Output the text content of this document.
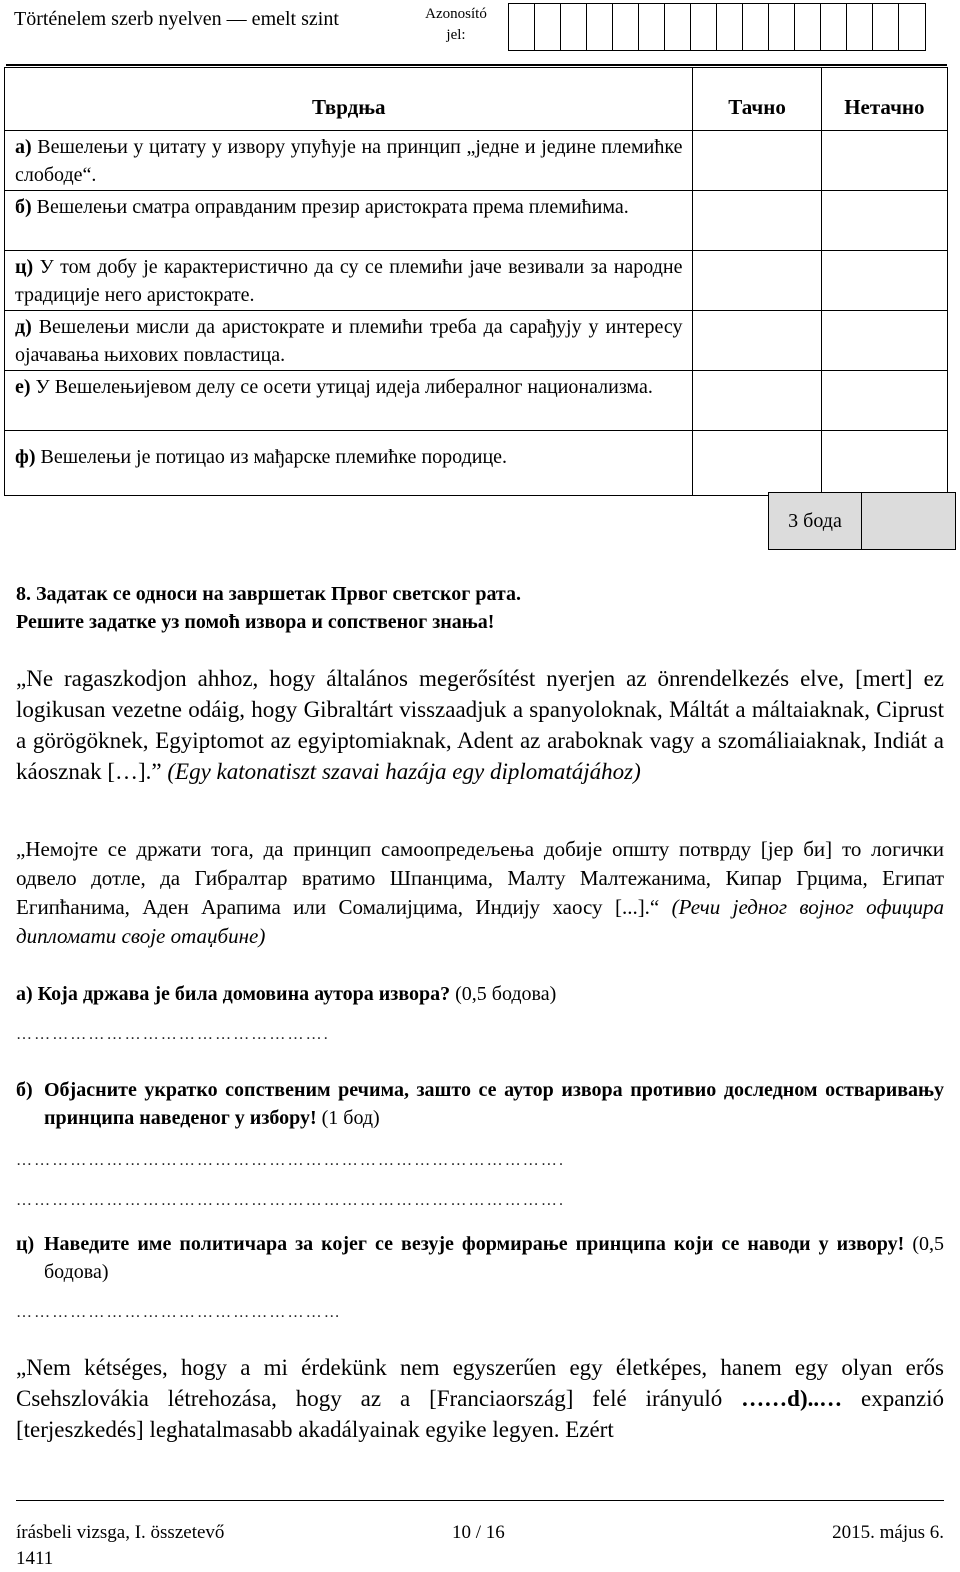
Történelem szerb nyelven — emelt szint	Azonosító
jel:
Тврдња	Тачно	Нетачно
а) Вешелењи у цитату у извору упућује на принцип „једне и једине племићке слободе“.		
б) Вешелењи сматра оправданим презир аристократа према племићима.		
ц) У том добу је карактеристично да су се племићи јаче везивали за народне традиције него аристократе.		
д) Вешелењи мисли да аристократе и племићи треба да сарађују у интересу ојачавања њихових повластица.		
е) У Вешелењијевом делу се осети утицај идеја либералног национализма.		
ф) Вешелењи је потицао из мађарске племићке породице.		
3 бода
8. Задатак се односи на завршетак Првог светског рата.
Решите задатке уз помоћ извора и сопственог знања!
„Ne ragaszkodjon ahhoz, hogy általános megerősítést nyerjen az önrendelkezés elve, [mert] ez logikusan vezetne odáig, hogy Gibraltárt visszaadjuk a spanyoloknak, Máltát a máltaiaknak, Ciprust a görögöknek, Egyiptomot az egyiptomiaknak, Adent az araboknak vagy a szomáliaiaknak, Indiát a káosznak […].” (Egy katonatiszt szavai hazája egy diplomatájához)
„Немојте се држати тога, да принцип самоопредељења добије општу потврду [јер би] то логички одвело дотле, да Гибралтар вратимо Шпанцима, Малту Малтежанима, Кипар Грцима, Египат Египћанима, Аден Арапима или Сомалијцима, Индију хаосу [...].“ (Речи једног војног официра дипломати своје отаџбине)
а) Која држава је била домовина аутора извора? (0,5 бодова)
…………………………………………….
б) Објасните укратко сопственим речима, зашто се аутор извора противио доследном остваривању принципа наведеног у избору! (1 бод)
……………………………………………………………………………….
……………………………………………………………………………….
ц) Наведите име политичара за којег се везује формирање принципа који се наводи у извору! (0,5 бодова)
………………………………………………
„Nem kétséges, hogy a mi érdekünk nem egyszerűen egy életképes, hanem egy olyan erős Csehszlovákia létrehozása, hogy az a [Franciaország] felé irányuló ……d)..… expanzió [terjeszkedés] leghatalmasabb akadályainak egyike legyen. Ezért
írásbeli vizsga, I. összetevő
1411
10 / 16	2015. május 6.
